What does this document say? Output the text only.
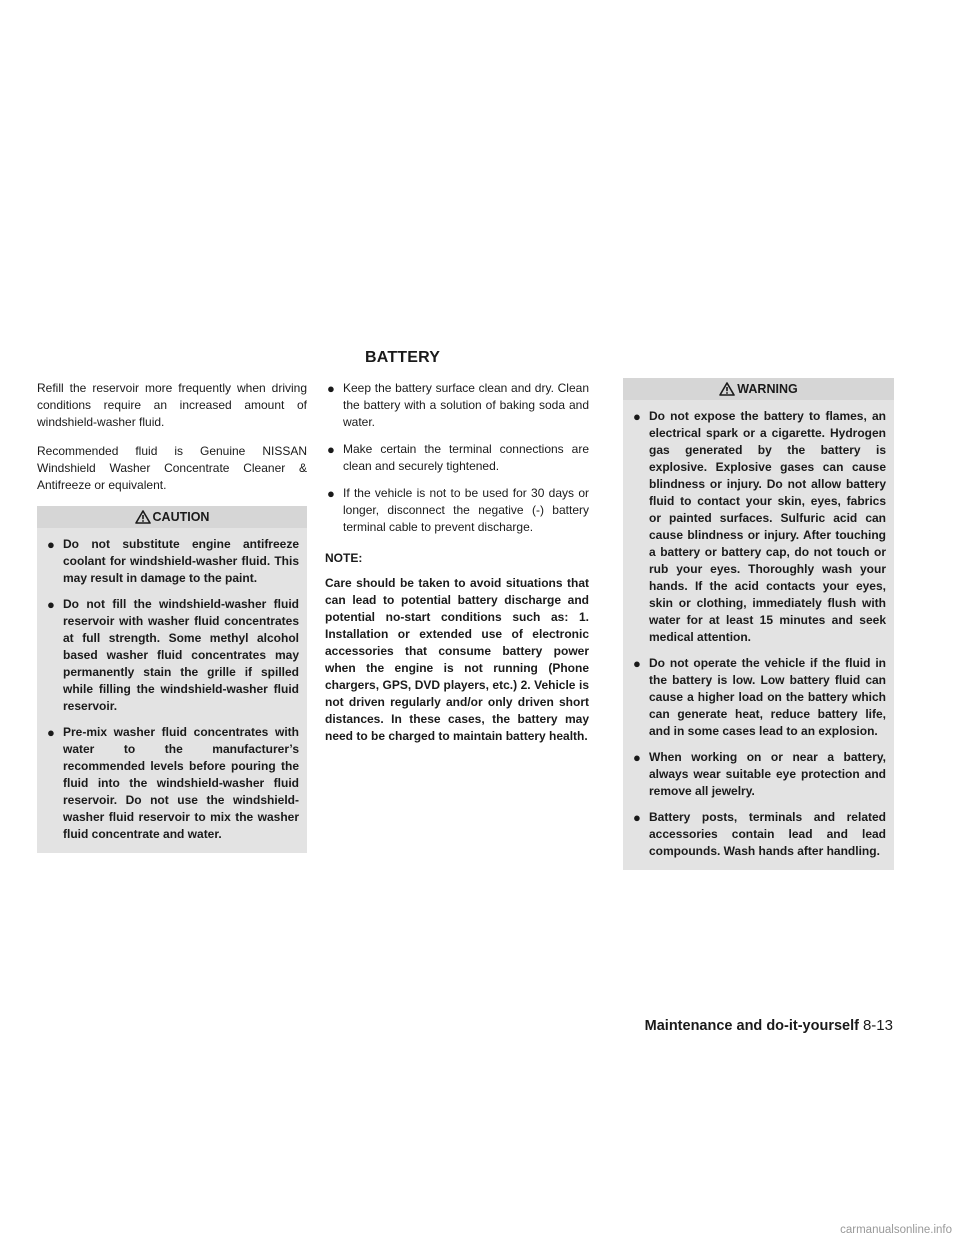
BATTERY

Refill the reservoir more frequently when driving conditions require an increased amount of windshield-washer fluid.

Recommended fluid is Genuine NISSAN Windshield Washer Concentrate Cleaner & Antifreeze or equivalent.

CAUTION
● Do not substitute engine antifreeze coolant for windshield-washer fluid. This may result in damage to the paint.
● Do not fill the windshield-washer fluid reservoir with washer fluid concentrates at full strength. Some methyl alcohol based washer fluid concentrates may permanently stain the grille if spilled while filling the windshield-washer fluid reservoir.
● Pre-mix washer fluid concentrates with water to the manufacturer’s recommended levels before pouring the fluid into the windshield-washer fluid reservoir. Do not use the windshield-washer fluid reservoir to mix the washer fluid concentrate and water.
● Keep the battery surface clean and dry. Clean the battery with a solution of baking soda and water.
● Make certain the terminal connections are clean and securely tightened.
● If the vehicle is not to be used for 30 days or longer, disconnect the negative (-) battery terminal cable to prevent discharge.

NOTE:

Care should be taken to avoid situations that can lead to potential battery discharge and potential no-start conditions such as: 1. Installation or extended use of electronic accessories that consume battery power when the engine is not running (Phone chargers, GPS, DVD players, etc.) 2. Vehicle is not driven regularly and/or only driven short distances. In these cases, the battery may need to be charged to maintain battery health.

WARNING
● Do not expose the battery to flames, an electrical spark or a cigarette. Hydrogen gas generated by the battery is explosive. Explosive gases can cause blindness or injury. Do not allow battery fluid to contact your skin, eyes, fabrics or painted surfaces. Sulfuric acid can cause blindness or injury. After touching a battery or battery cap, do not touch or rub your eyes. Thoroughly wash your hands. If the acid contacts your eyes, skin or clothing, immediately flush with water for at least 15 minutes and seek medical attention.
● Do not operate the vehicle if the fluid in the battery is low. Low battery fluid can cause a higher load on the battery which can generate heat, reduce battery life, and in some cases lead to an explosion.
● When working on or near a battery, always wear suitable eye protection and remove all jewelry.
● Battery posts, terminals and related accessories contain lead and lead compounds. Wash hands after handling.
Maintenance and do-it-yourself 8-13
carmanualsonline.info
